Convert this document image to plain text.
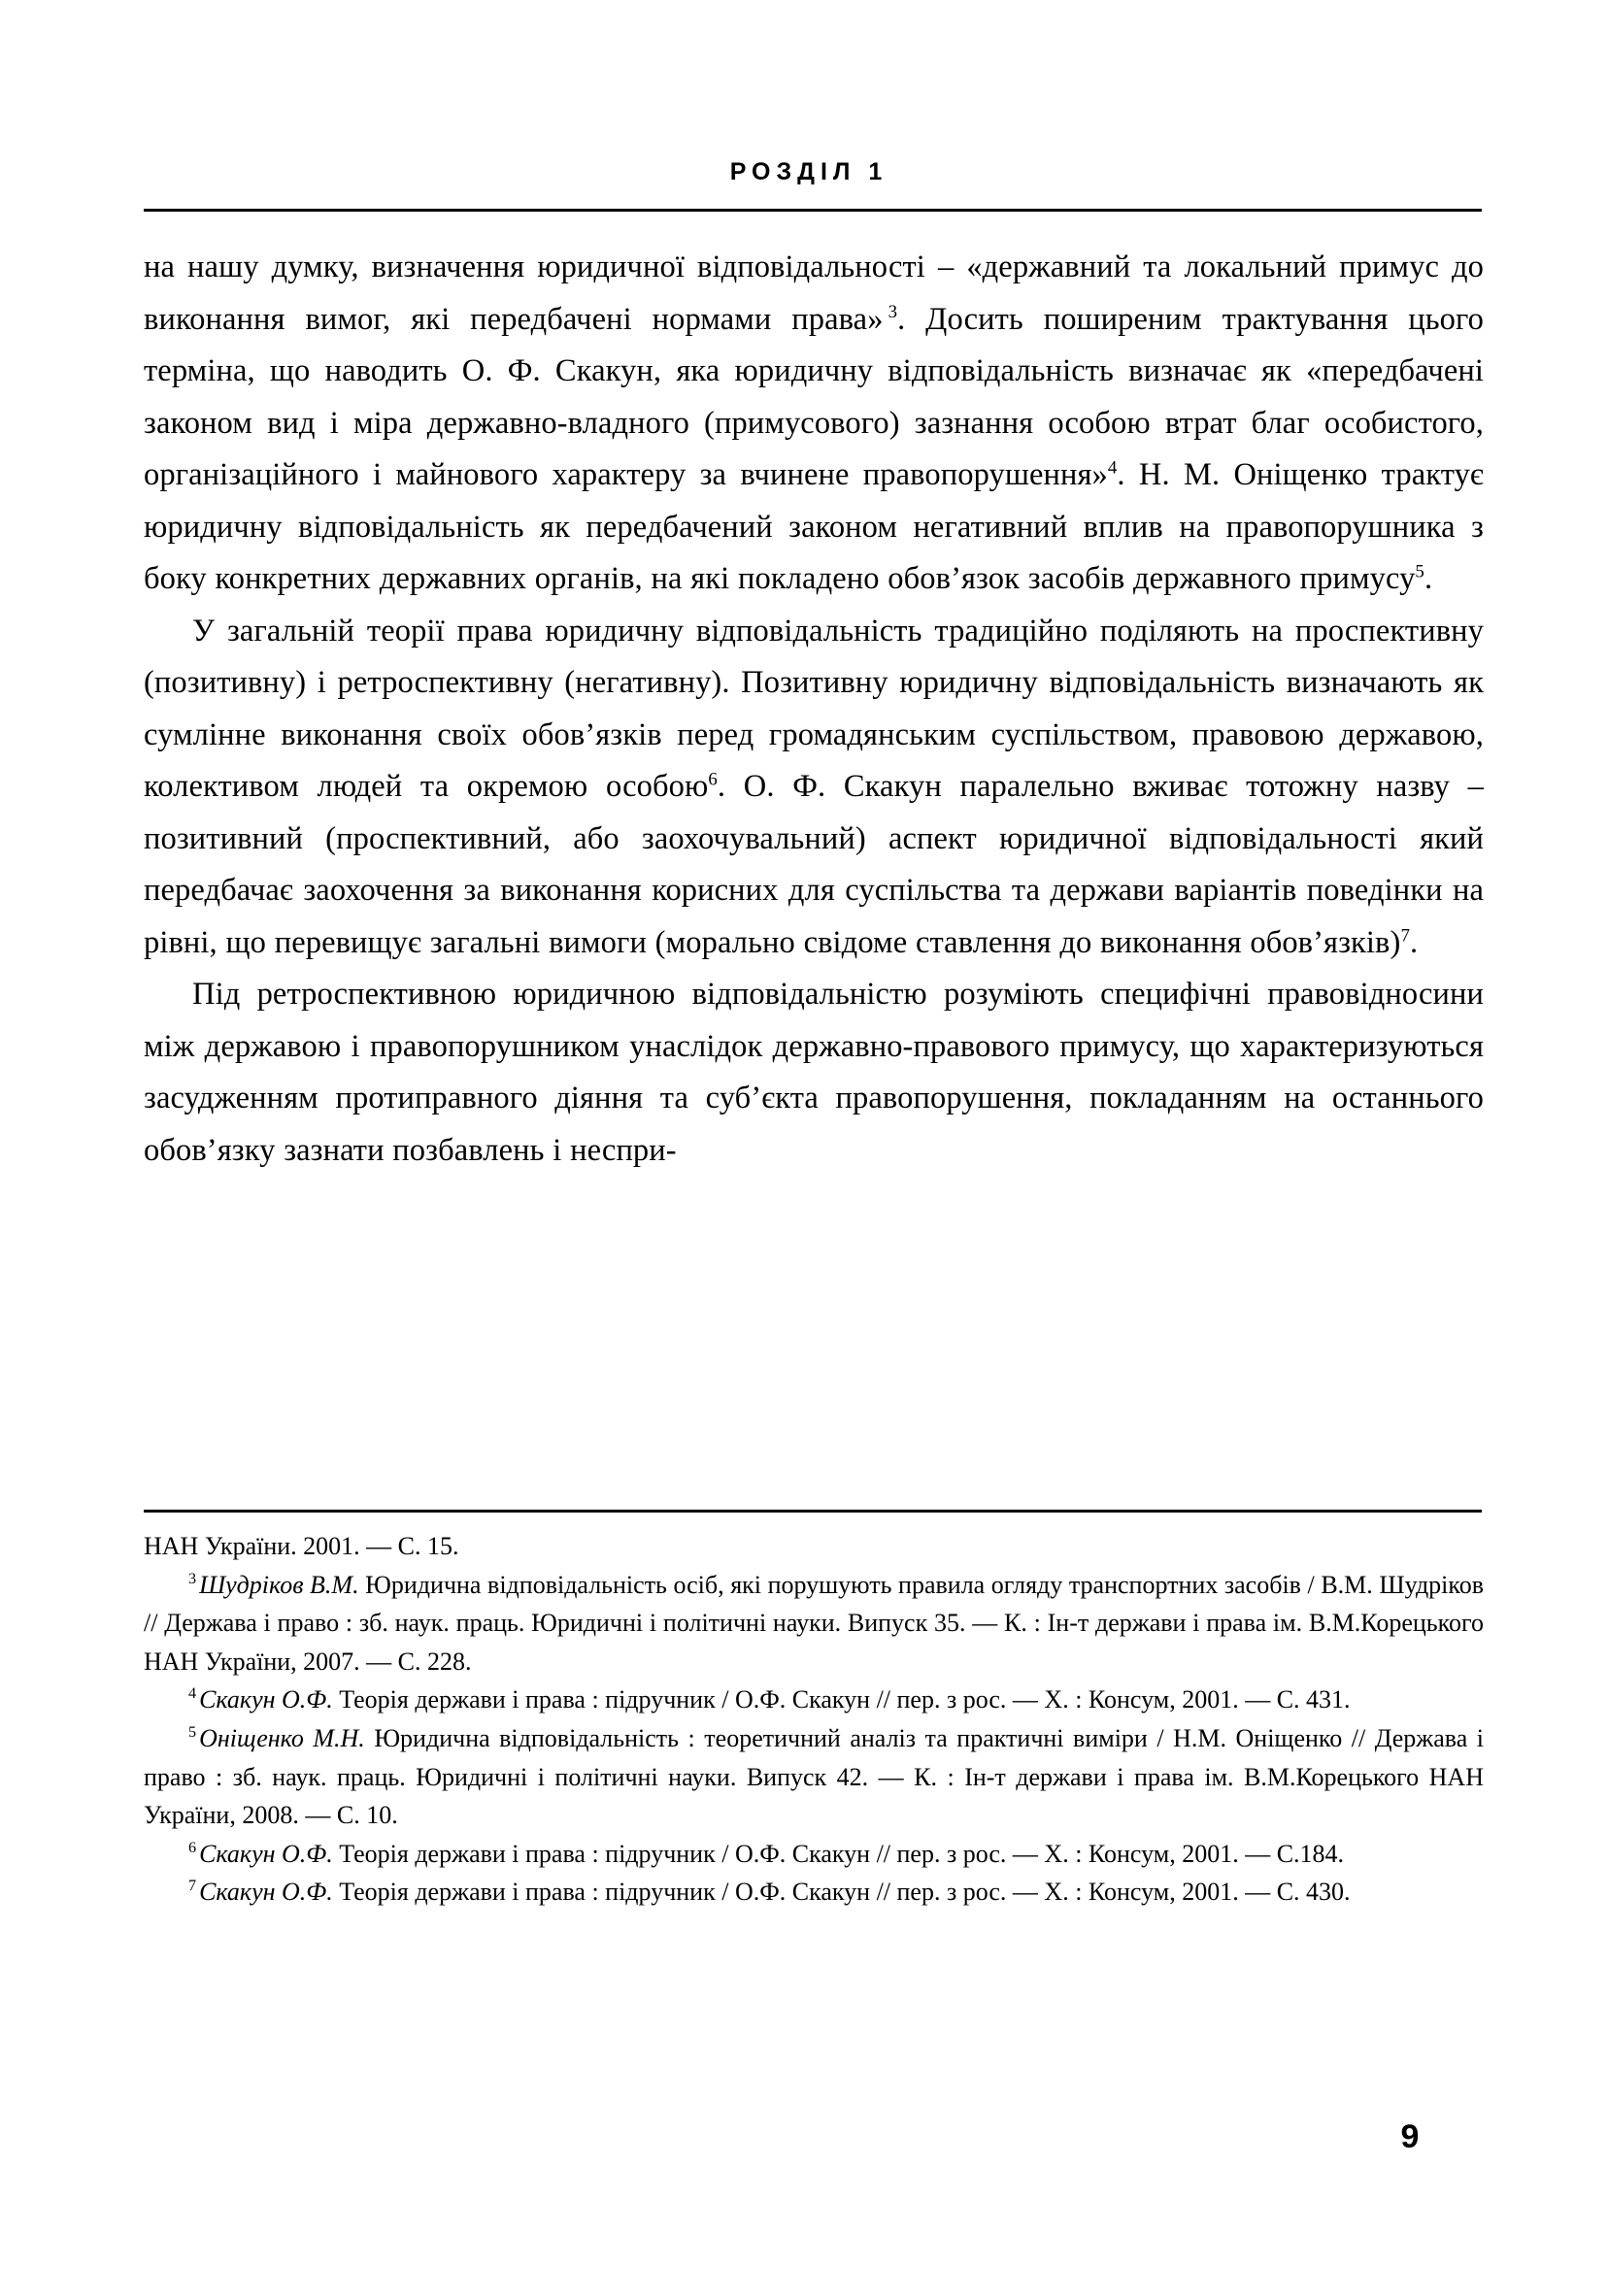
РОЗДІЛ 1

на нашу думку, визначення юридичної відповідальності – «державний та локальний примус до виконання вимог, які передбачені нормами права» $^3$. Досить поширеним трактування цього терміна, що наводить О. Ф. Скакун, яка юридичну відповідальність визначає як «передбачені законом вид і міра державно-владного (примусового) зазнання особою втрат благ особистого, організаційного і майнового характеру за вчинене правопорушення»$^4$. Н. М. Оніщенко трактує юридичну відповідальність як передбачений законом негативний вплив на правопорушника з боку конкретних державних органів, на які покладено обов’язок засобів державного примусу$^5$.

У загальній теорії права юридичну відповідальність традиційно поділяють на проспективну (позитивну) і ретроспективну (негативну). Позитивну юридичну відповідальність визначають як сумлінне виконання своїх обов’язків перед громадянським суспільством, правовою державою, колективом людей та окремою особою$^6$. О. Ф. Скакун паралельно вживає тотожну назву – позитивний (проспективний, або заохочувальний) аспект юридичної відповідальності який передбачає заохочення за виконання корисних для суспільства та держави варіантів поведінки на рівні, що перевищує загальні вимоги (морально свідоме ставлення до виконання обов’язків)$^7$.

Під ретроспективною юридичною відповідальністю розуміють специфічні правовідносини між державою і правопорушником унаслідок державно-правового примусу, що характеризуються засудженням протиправного діяння та суб’єкта правопорушення, покладанням на останнього обов’язку зазнати позбавлень і неспри-

НАН України. 2001. — С. 15.

$^3$ Шудріков В.М. Юридична відповідальність осіб, які порушують правила огляду транспортних засобів / В.М. Шудріков // Держава і право : зб. наук. праць. Юридичні і політичні науки. Випуск 35. — К. : Ін-т держави і права ім. В.М.Корецького НАН України, 2007. — С. 228.

$^4$ Скакун О.Ф. Теорія держави і права : підручник / О.Ф. Скакун // пер. з рос. — Х. : Консум, 2001. — С. 431.

$^5$ Оніщенко М.Н. Юридична відповідальність : теоретичний аналіз та практичні виміри / Н.М. Оніщенко // Держава і право : зб. наук. праць. Юридичні і політичні науки. Випуск 42. — К. : Ін-т держави і права ім. В.М.Корецького НАН України, 2008. — С. 10.

$^6$ Скакун О.Ф. Теорія держави і права : підручник / О.Ф. Скакун // пер. з рос. — Х. : Консум, 2001. — С.184.

$^7$ Скакун О.Ф. Теорія держави і права : підручник / О.Ф. Скакун // пер. з рос. — Х. : Консум, 2001. — С. 430.

9
